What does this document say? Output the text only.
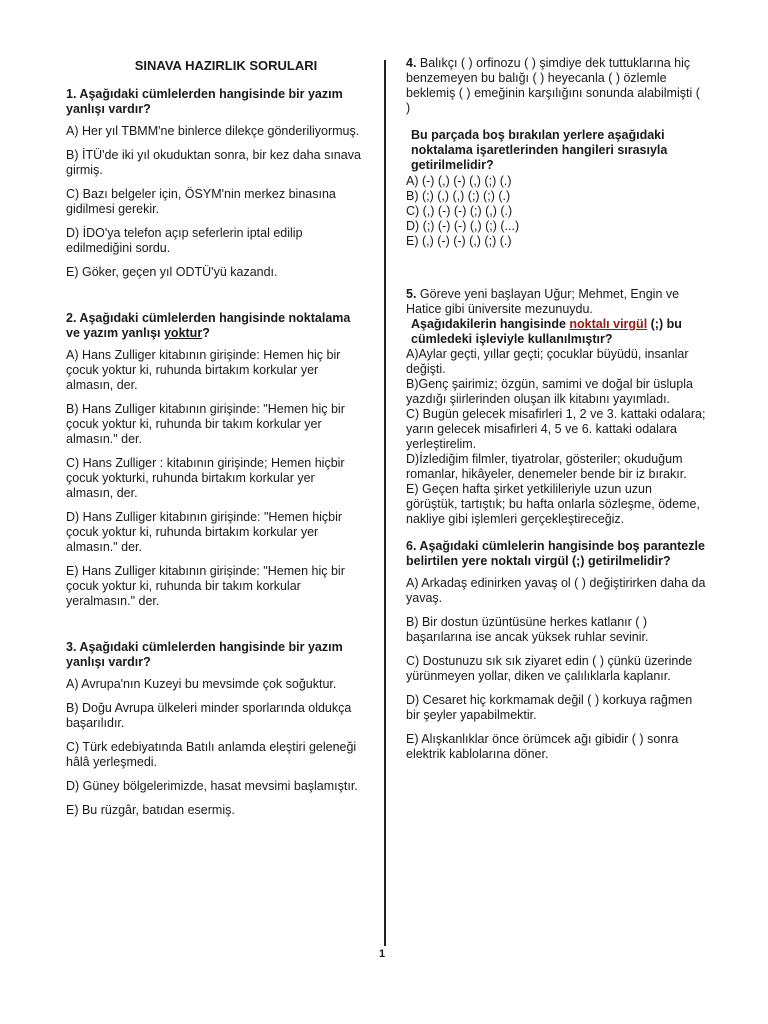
SINAVA HAZIRLIK SORULARI

1. Aşağıdaki cümlelerden hangisinde bir yazım yanlışı vardır?

A) Her yıl TBMM'ne binlerce dilekçe gönderiliyormuş.

B) İTÜ'de iki yıl okuduktan sonra, bir kez daha sınava girmiş.

C) Bazı belgeler için, ÖSYM'nin merkez binasına gidilmesi gerekir.

D) İDO'ya telefon açıp seferlerin iptal edilip edilmediğini sordu.

E) Göker, geçen yıl ODTÜ'yü kazandı.

2. Aşağıdaki cümlelerden hangisinde noktalama ve yazım yanlışı yoktur?

A) Hans Zulliger kitabının girişinde: Hemen hiç bir çocuk yoktur ki, ruhunda birtakım korkular yer almasın, der.

B) Hans Zulliger kitabının girişinde: "Hemen hiç bir çocuk yoktur ki, ruhunda bir takım korkular yer almasın." der.

C) Hans Zulliger : kitabının girişinde; Hemen hiçbir çocuk yokturki, ruhunda birtakım korkular yer almasın, der.

D) Hans Zulliger kitabının girişinde: "Hemen hiçbir çocuk yoktur ki, ruhunda birtakım korkular yer almasın." der.

E) Hans Zulliger kitabının girişinde: "Hemen hiç bir çocuk yoktur ki, ruhunda bir takım korkular yeralmasın." der.

3. Aşağıdaki cümlelerden hangisinde bir yazım yanlışı vardır?

A) Avrupa'nın Kuzeyi bu mevsimde çok soğuktur.

B) Doğu Avrupa ülkeleri minder sporlarında oldukça başarılıdır.

C) Türk edebiyatında Batılı anlamda eleştiri geleneği hâlâ yerleşmedi.

D) Güney bölgelerimizde, hasat mevsimi başlamıştır.

E) Bu rüzgâr, batıdan esermiş.

4. Balıkçı ( ) orfinozu ( ) şimdiye dek tuttuklarına hiç benzemeyen bu balığı ( ) heyecanla ( ) özlemle beklemiş ( ) emeğinin karşılığını sonunda alabilmişti ( )

Bu parçada boş bırakılan yerlere aşağıdaki noktalama işaretlerinden hangileri sırasıyla getirilmelidir?

A) (-) (,) (-) (,) (;) (.)

B) (;) (,) (,) (;) (;) (.)

C) (,) (-) (-) (;) (,) (.)

D) (;) (-) (-) (,) (;) (...)

E) (,) (-) (-) (,) (;) (.)

5. Göreve yeni başlayan Uğur; Mehmet, Engin ve Hatice gibi üniversite mezunuydu.

Aşağıdakilerin hangisinde noktalı virgül (;) bu cümledeki işleviyle kullanılmıştır?

A)Aylar geçti, yıllar geçti; çocuklar büyüdü, insanlar değişti.

B)Genç şairimiz; özgün, samimi ve doğal bir üslupla yazdığı şiirlerinden oluşan ilk kitabını yayımladı.

C) Bugün gelecek misafirleri 1, 2 ve 3. kattaki odalara; yarın gelecek misafirleri 4, 5 ve 6. kattaki odalara yerleştirelim.

D)İzlediğim filmler, tiyatrolar, gösteriler; okuduğum romanlar, hikâyeler, denemeler bende bir iz bırakır.

E) Geçen hafta şirket yetkilileriyle uzun uzun görüştük, tartıştık; bu hafta onlarla sözleşme, ödeme, nakliye gibi işlemleri gerçekleştireceğiz.

6. Aşağıdaki cümlelerin hangisinde boş parantezle belirtilen yere noktalı virgül (;) getirilmelidir?

A) Arkadaş edinirken yavaş ol ( ) değiştirirken daha da yavaş.

B) Bir dostun üzüntüsüne herkes katlanır ( ) başarılarına ise ancak yüksek ruhlar sevinir.

C) Dostunuzu sık sık ziyaret edin ( ) çünkü üzerinde yürünmeyen yollar, diken ve çalılıklarla kaplanır.

D) Cesaret hiç korkmamak değil ( ) korkuya rağmen bir şeyler yapabilmektir.

E) Alışkanlıklar önce örümcek ağı gibidir ( ) sonra elektrik kablolarına döner.

1
